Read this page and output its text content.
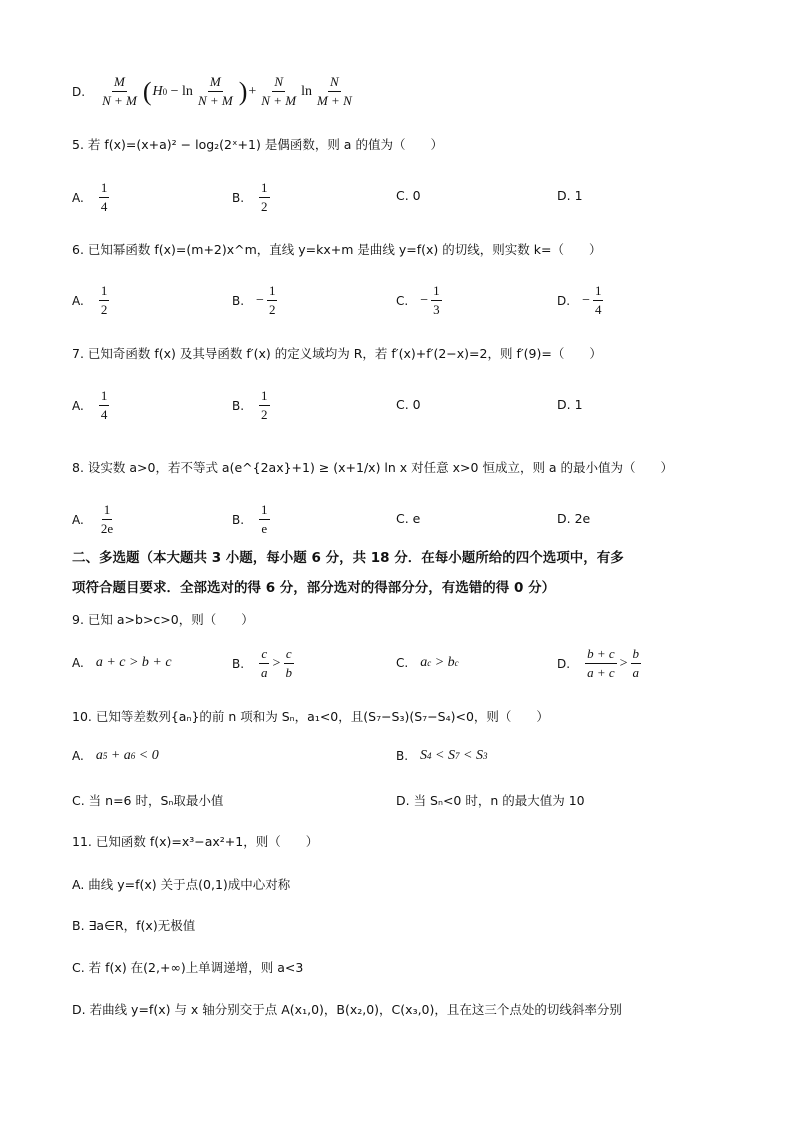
D. $\frac{M}{N + M}$ ( H $0 - \ln \frac{M}{N + M}$ ) + $\frac{N}{N + M}$ $\ln \frac{N}{M + N}$
5. 若 f(x)=(x+a)² − log₂(2ˣ+1) 是偶函数，则 a 的值为（　　）
A. $\frac{1}{4}$	B. $\frac{1}{2}$	C. 0	D. 1
6. 已知幂函数 f(x)=(m+2)x^m，直线 y=kx+m 是曲线 y=f(x) 的切线，则实数 k=（　　）
A. $\frac{1}{2}$	B. − $\frac{1}{2}$	C. − $\frac{1}{3}$	D. − $\frac{1}{4}$
7. 已知奇函数 f(x) 及其导函数 f′(x) 的定义域均为 R，若 f′(x)+f′(2−x)=2，则 f′(9)=（　　）
A. $\frac{1}{4}$	B. $\frac{1}{2}$	C. 0	D. 1
8. 设实数 a>0，若不等式 a(e^{2ax}+1) ≥ (x+1/x) ln x 对任意 x>0 恒成立，则 a 的最小值为（　　）
A. $\frac{1}{2e}$	B. $\frac{1}{e}$	C. e	D. 2e
二、多选题（本大题共 3 小题，每小题 6 分，共 18 分．在每小题所给的四个选项中，有多
项符合题目要求．全部选对的得 6 分，部分选对的得部分分，有选错的得 0 分）
9. 已知 a>b>c>0，则（　　）
A. a + c > b + c	B. $\frac{c}{a} > \frac{c}{b}$	C. a c > b c	D. $\frac{b + c}{a + c} > \frac{b}{a}$
10. 已知等差数列{aₙ}的前 n 项和为 Sₙ，a₁<0，且(S₇−S₃)(S₇−S₄)<0，则（　　）
A. a 5 + a 6 < 0	B. S 4 < S 7 < S 3
C. 当 n=6 时，Sₙ取最小值	D. 当 Sₙ<0 时，n 的最大值为 10
11. 已知函数 f(x)=x³−ax²+1，则（　　）
A. 曲线 y=f(x) 关于点(0,1)成中心对称
B. ∃a∈R，f(x)无极值
C. 若 f(x) 在(2,+∞)上单调递增，则 a<3
D. 若曲线 y=f(x) 与 x 轴分别交于点 A(x₁,0)，B(x₂,0)，C(x₃,0)，且在这三个点处的切线斜率分别
